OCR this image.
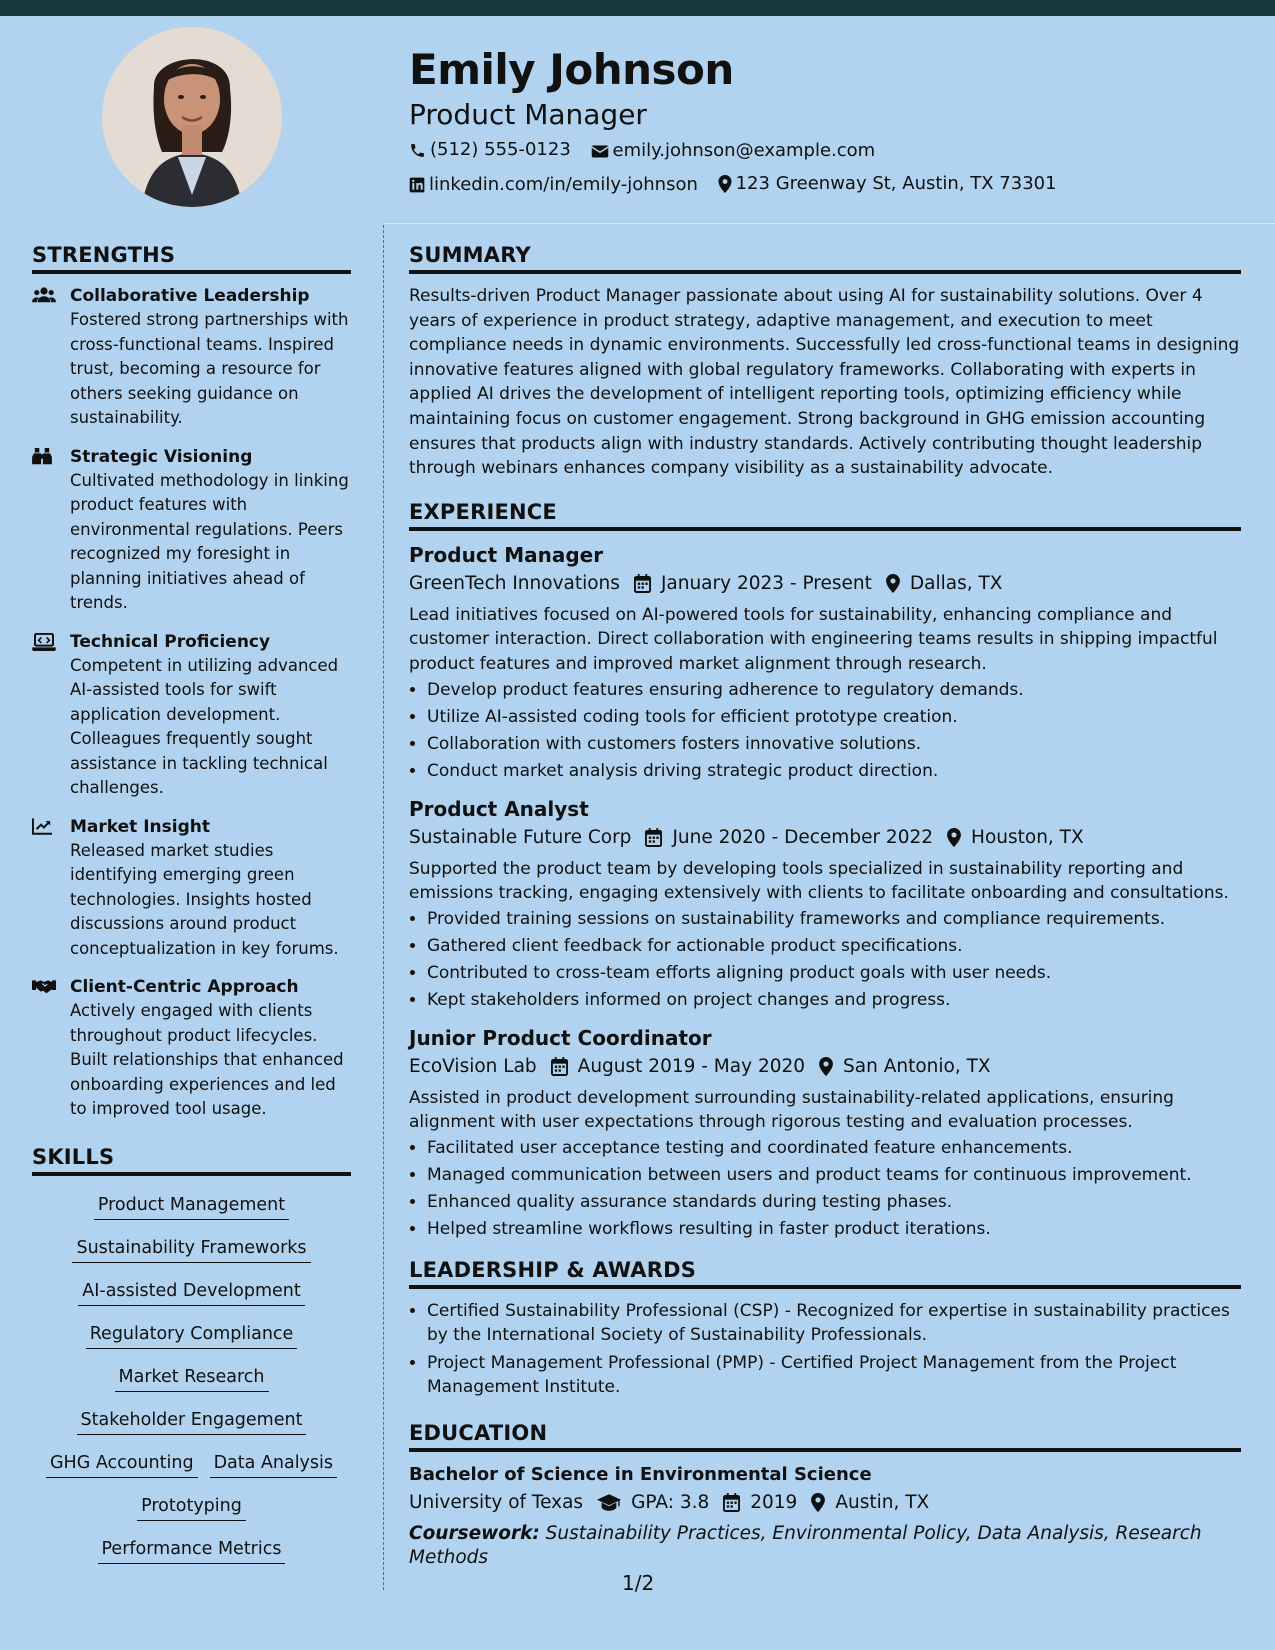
Emily Johnson

Product Manager

(512) 555-0123
emily.johnson@example.com
linkedin.com/in/emily-johnson
123 Greenway St, Austin, TX 73301
STRENGTHS
Collaborative Leadership
Fostered strong partnerships with cross-functional teams. Inspired trust, becoming a resource for others seeking guidance on sustainability.
Strategic Visioning
Cultivated methodology in linking product features with environmental regulations. Peers recognized my foresight in planning initiatives ahead of trends.
Technical Proficiency
Competent in utilizing advanced AI-assisted tools for swift application development. Colleagues frequently sought assistance in tackling technical challenges.
Market Insight
Released market studies identifying emerging green technologies. Insights hosted discussions around product conceptualization in key forums.
Client-Centric Approach
Actively engaged with clients throughout product lifecycles. Built relationships that enhanced onboarding experiences and led to improved tool usage.
SKILLS
Product Management
Sustainability Frameworks
AI-assisted Development
Regulatory Compliance
Market Research
Stakeholder Engagement
GHG Accounting Data Analysis
PrototypingPerformance Metrics
SUMMARY

Results-driven Product Manager passionate about using AI for sustainability solutions. Over 4 years of experience in product strategy, adaptive management, and execution to meet compliance needs in dynamic environments. Successfully led cross-functional teams in designing innovative features aligned with global regulatory frameworks. Collaborating with experts in applied AI drives the development of intelligent reporting tools, optimizing efficiency while maintaining focus on customer engagement. Strong background in GHG emission accounting ensures that products align with industry standards. Actively contributing thought leadership through webinars enhances company visibility as a sustainability advocate.

EXPERIENCE

Product Manager

GreenTech Innovations January 2023 - Present Dallas, TX

Lead initiatives focused on AI-powered tools for sustainability, enhancing compliance and customer interaction. Direct collaboration with engineering teams results in shipping impactful product features and improved market alignment through research.

• Develop product features ensuring adherence to regulatory demands.
• Utilize AI-assisted coding tools for efficient prototype creation.
• Collaboration with customers fosters innovative solutions.
• Conduct market analysis driving strategic product direction.

Product Analyst

Sustainable Future Corp June 2020 - December 2022 Houston, TX

Supported the product team by developing tools specialized in sustainability reporting and emissions tracking, engaging extensively with clients to facilitate onboarding and consultations.

• Provided training sessions on sustainability frameworks and compliance requirements.
• Gathered client feedback for actionable product specifications.
• Contributed to cross-team efforts aligning product goals with user needs.
• Kept stakeholders informed on project changes and progress.

Junior Product Coordinator

EcoVision Lab August 2019 - May 2020 San Antonio, TX

Assisted in product development surrounding sustainability-related applications, ensuring alignment with user expectations through rigorous testing and evaluation processes.

• Facilitated user acceptance testing and coordinated feature enhancements.
• Managed communication between users and product teams for continuous improvement.
• Enhanced quality assurance standards during testing phases.
• Helped streamline workflows resulting in faster product iterations.
LEADERSHIP & AWARDS
• Certified Sustainability Professional (CSP) - Recognized for expertise in sustainability practices by the International Society of Sustainability Professionals.
• Project Management Professional (PMP) - Certified Project Management from the Project Management Institute.
EDUCATION

Bachelor of Science in Environmental Science

University of Texas	GPA: 3.8 2019 Austin, TX
Coursework: Sustainability Practices, Environmental Policy, Data Analysis, Research Methods
1/2
